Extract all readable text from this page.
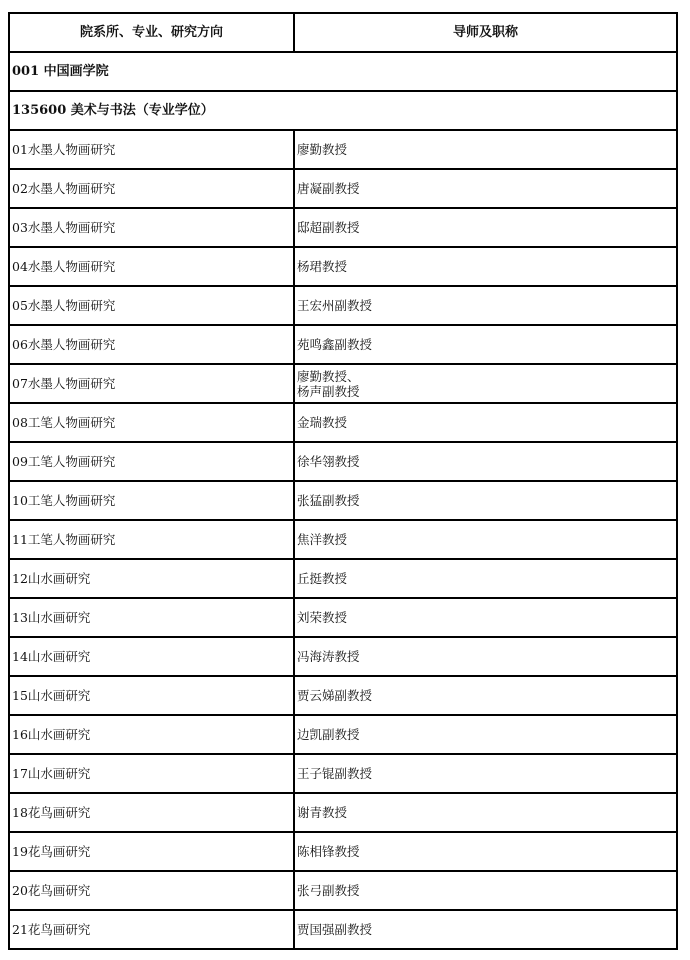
院系所、专业、研究方向	导师及职称
001 中国画学院
135600 美术与书法（专业学位）
01水墨人物画研究	廖勤教授
02水墨人物画研究	唐凝副教授
03水墨人物画研究	邸超副教授
04水墨人物画研究	杨珺教授
05水墨人物画研究	王宏州副教授
06水墨人物画研究	苑鸣鑫副教授
07水墨人物画研究	廖勤教授、
杨声副教授
08工笔人物画研究	金瑞教授
09工笔人物画研究	徐华翎教授
10工笔人物画研究	张猛副教授
11工笔人物画研究	焦洋教授
12山水画研究	丘挺教授
13山水画研究	刘荣教授
14山水画研究	冯海涛教授
15山水画研究	贾云娣副教授
16山水画研究	边凯副教授
17山水画研究	王子锟副教授
18花鸟画研究	谢青教授
19花鸟画研究	陈相锋教授
20花鸟画研究	张弓副教授
21花鸟画研究	贾国强副教授
